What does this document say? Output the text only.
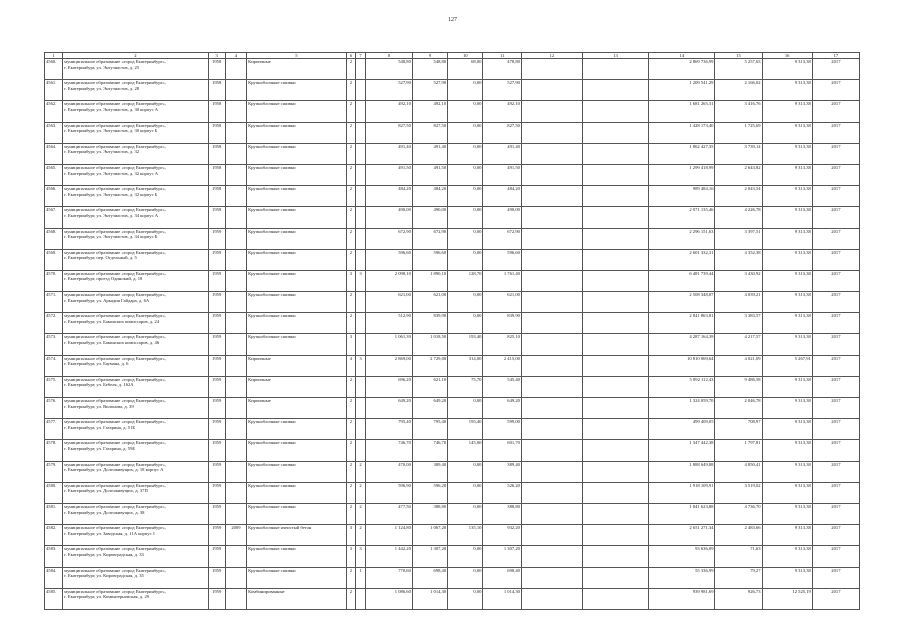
127
1	2	3	4	5	6	7	8	9	10	11	12	13	14	15	16	17
4560.	муниципальное образование «город Екатеринбург»,
г. Екатеринбург, ул. Энтузиастов, д. 25	1958		Кирпичные	2		548,80	548,80	68,00	478,80			2 869 736,99	5 257,63	9 313,38	2017
4561.	муниципальное образование «город Екатеринбург»,
г. Екатеринбург, ул. Энтузиастов, д. 28	1958		Крупноблочные сшивки	2		527,90	527,90	0,00	527,90			1 209 541,29	2 166,02	9 313,38	2017
4562.	муниципальное образование «город Екатеринбург»,
г. Екатеринбург, ул. Энтузиастов, д. 30 корпус А	1958		Крупноблочные сшивки	2		492,10	492,10	0,00	492,10			1 681 265,31	3 416,76	9 313,38	2017
4563.	муниципальное образование «город Екатеринбург»,
г. Екатеринбург, ул. Энтузиастов, д. 30 корпус Б	1958		Крупноблочные сшивки	2		827,50	827,50	0,00	827,50			1 428 173,40	1 725,69	9 313,38	2017
4564.	муниципальное образование «город Екатеринбург»,
г. Екатеринбург, ул. Энтузиастов, д. 32	1958		Крупноблочные сшивки	2		491,40	491,40	0,00	491,40			1 862 427,35	3 739,14	9 313,38	2017
4565.	муниципальное образование «город Екатеринбург»,
г. Екатеринбург, ул. Энтузиастов, д. 32 корпус А	1958		Крупноблочные сшивки	2		491,50	491,50	0,00	491,50			1 299 418,99	2 643,82	9 313,38	2017
4566.	муниципальное образование «город Екатеринбург»,
г. Екатеринбург, ул. Энтузиастов, д. 32 корпус Б	1958		Крупноблочные сшивки	2		484,20	484,20	0,00	484,20			989 484,16	2 043,54	9 313,38	2017
4567.	муниципальное образование «город Екатеринбург»,
г. Екатеринбург, ул. Энтузиастов, д. 34 корпус А	1958		Крупноблочные сшивки	2		490,00	490,00	0,00	490,00			2 071 135,46	4 226,78	9 313,38	2017
4568.	муниципальное образование «город Екатеринбург»,
г. Екатеринбург, ул. Энтузиастов, д. 34 корпус Б	1959		Крупноблочные сшивки	2		672,90	672,90	0,00	672,90			2 296 151,63	3 397,51	9 313,38	2017
4569.	муниципальное образование «город Екатеринбург»,
г. Екатеринбург, пер. Отдельный, д. 5	1959		Крупноблочные сшивки	2		596,60	596,60	0,00	596,60			2 601 332,31	4 352,38	9 313,38	2017
4570.	муниципальное образование «город Екатеринбург»,
г. Екатеринбург, проезд Одинокий, д. 18	1959		Крупноблочные сшивки	3	3	2 098,10	1 890,10	128,70	1 761,40			6 481 739,44	3 430,92	9 313,38	2017
4571.	муниципальное образование «город Екатеринбург»,
г. Екатеринбург, ул. Аркадия Гайдара, д. 6А	1959		Крупноблочные сшивки	2		621,00	621,00	0,00	621,00			2 508 348,07	4 039,21	9 313,38	2017
4572.	муниципальное образование «город Екатеринбург»,
г. Екатеринбург, ул. Бакинских комиссаров, д. 24	1959		Крупноблочные сшивки	2		512,90	839,90	0,00	839,90			2 841 863,81	3 383,57	9 313,38	2017
4573.	муниципальное образование «город Екатеринбург»,
г. Екатеринбург, ул. Бакинских комиссаров, д. 46	1959		Крупноблочные сшивки	3		1 061,39	1 018,50	193,40	825,10			4 287 164,39	4 217,57	9 313,38	2017
4574.	муниципальное образование «город Екатеринбург»,
г. Екатеринбург, ул. Баумана, д. 6	1959		Кирпичные	4	3	2 869,00	2 729,00	314,00	2 415,00			10 810 069,64	4 021,09	5 267,91	2017
4575.	муниципальное образование «город Екатеринбург»,
г. Екатеринбург, ул. Бебеля, д. 162А	1959		Кирпичные	2		696,20	621,10	75,70	545,40			5 892 112,43	9 486,58	9 313,38	2017
4576.	муниципальное образование «город Екатеринбург»,
г. Екатеринбург, ул. Вилонова, д. 39	1959		Кирпичные	2		649,20	649,20	0,00	649,20			1 324 059,70	2 046,78	9 313,38	2017
4577.	муниципальное образование «город Екатеринбург»,
г. Екатеринбург, ул. Гагарина, д. 51Б	1959		Крупноблочные сшивки	2		795,40	795,40	195,40	599,00			499 409,05	708,97	9 313,38	2017
4578.	муниципальное образование «город Екатеринбург»,
г. Екатеринбург, ул. Гагарина, д. 59Б	1959		Крупноблочные сшивки	2		746,70	746,70	145,00	601,70			1 347 442,38	1 797,81	9 313,38	2017
4579.	муниципальное образование «город Екатеринбург»,
г. Екатеринбург, ул. Долгоживущих, д. 18 корпус А	1959		Крупноблочные сшивки	2	2	470,00	389,40	0,00	389,40			1 888 649,88	4 850,41	9 313,38	2017
4580.	муниципальное образование «город Екатеринбург»,
г. Екатеринбург, ул. Долгоживущих, д. 37П	1959		Крупноблочные сшивки	2	2	596,90	596,20	0,00	526,20			1 918 109,91	3 519,02	9 313,38	2017
4581.	муниципальное образование «город Екатеринбург»,
г. Екатеринбург, ул. Долгоживущих, д. 38	1959		Крупноблочные сшивки	2	2	477,50	388,80	0,00	388,80			1 841 623,88	4 736,70	9 313,38	2017
4582.	муниципальное образование «город Екатеринбург»,
г. Екатеринбург, ул. Заводская, д. 11А корпус 1	1959	2009	Крупноблочные ячеистый бетон	3	2	1 124,80	1 067,20	135,10	932,20			2 651 271,34	2 483,66	9 313,38	2017
4583.	муниципальное образование «город Екатеринбург»,
г. Екатеринбург, ул. Кировградская, д. 33	1959		Крупноблочные сшивки	3	3	1 442,20	1 307,20	0,00	1 307,20			93 636,09	71,63	9 313,38	2017
4584.	муниципальное образование «город Екатеринбург»,
г. Екатеринбург, ул. Кировградская, д. 35	1959		Крупноблочные сшивки	2	1	770,60	698,40	0,00	698,40			55 336,99	79,27	9 313,38	2017
4585.	муниципальное образование «город Екатеринбург»,
г. Екатеринбург, ул. Коминтерновская, д. 29	1959		Комбинированные	2		1 086,60	1 014,30	0,00	1 014,30			939 981,69	926,73	12 525,19	2017
